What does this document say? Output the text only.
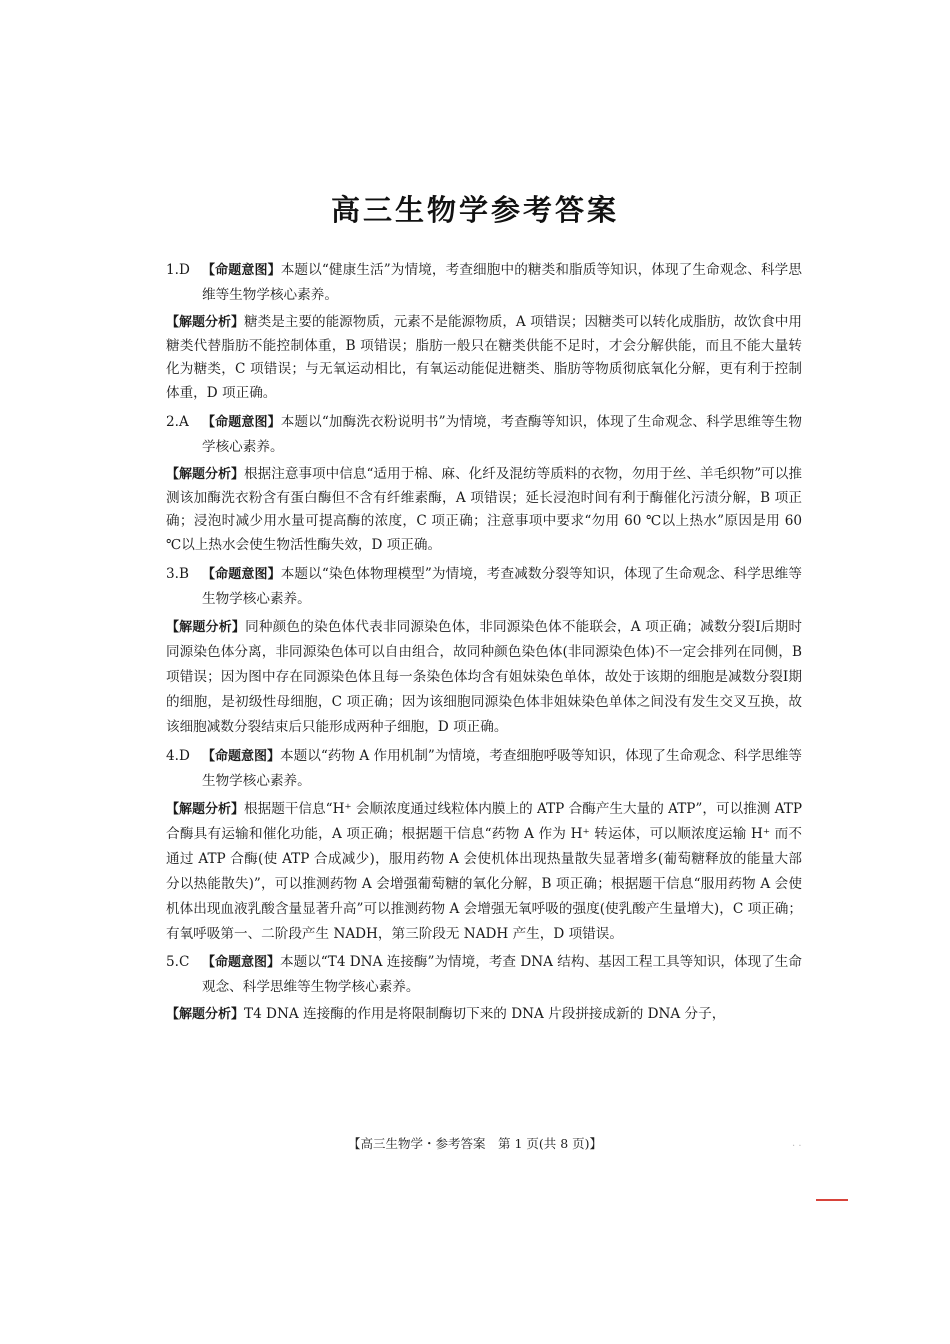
高三生物学参考答案
1.D 【命题意图】本题以“健康生活”为情境，考查细胞中的糖类和脂质等知识，体现了生命观念、科学思维等生物学核心素养。
【解题分析】糖类是主要的能源物质，元素不是能源物质，A 项错误；因糖类可以转化成脂肪，故饮食中用糖类代替脂肪不能控制体重，B 项错误；脂肪一般只在糖类供能不足时，才会分解供能，而且不能大量转化为糖类，C 项错误；与无氧运动相比，有氧运动能促进糖类、脂肪等物质彻底氧化分解，更有利于控制体重，D 项正确。
2.A	【命题意图】本题以“加酶洗衣粉说明书”为情境，考查酶等知识，体现了生命观念、科学思维等生物学核心素养。
【解题分析】根据注意事项中信息“适用于棉、麻、化纤及混纺等质料的衣物，勿用于丝、羊毛织物”可以推测该加酶洗衣粉含有蛋白酶但不含有纤维素酶，A 项错误；延长浸泡时间有利于酶催化污渍分解，B 项正确；浸泡时减少用水量可提高酶的浓度，C 项正确；注意事项中要求“勿用 60 ℃以上热水”原因是用 60 ℃以上热水会使生物活性酶失效，D 项正确。
3.B	【命题意图】本题以“染色体物理模型”为情境，考查减数分裂等知识，体现了生命观念、科学思维等生物学核心素养。
【解题分析】同种颜色的染色体代表非同源染色体，非同源染色体不能联会，A 项正确；减数分裂Ⅰ后期时同源染色体分离，非同源染色体可以自由组合，故同种颜色染色体(非同源染色体)不一定会排列在同侧，B 项错误；因为图中存在同源染色体且每一条染色体均含有姐妹染色单体，故处于该期的细胞是减数分裂Ⅰ期的细胞，是初级性母细胞，C 项正确；因为该细胞同源染色体非姐妹染色单体之间没有发生交叉互换，故该细胞减数分裂结束后只能形成两种子细胞，D 项正确。
4.D 【命题意图】本题以“药物 A 作用机制”为情境，考查细胞呼吸等知识，体现了生命观念、科学思维等生物学核心素养。
【解题分析】根据题干信息“H⁺ 会顺浓度通过线粒体内膜上的 ATP 合酶产生大量的 ATP”，可以推测 ATP 合酶具有运输和催化功能，A 项正确；根据题干信息“药物 A 作为 H⁺ 转运体，可以顺浓度运输 H⁺ 而不通过 ATP 合酶(使 ATP 合成减少)，服用药物 A 会使机体出现热量散失显著增多(葡萄糖释放的能量大部分以热能散失)”，可以推测药物 A 会增强葡萄糖的氧化分解，B 项正确；根据题干信息“服用药物 A 会使机体出现血液乳酸含量显著升高”可以推测药物 A 会增强无氧呼吸的强度(使乳酸产生量增大)，C 项正确；有氧呼吸第一、二阶段产生 NADH，第三阶段无 NADH 产生，D 项错误。
5.C 【命题意图】本题以“T4 DNA 连接酶”为情境，考查 DNA 结构、基因工程工具等知识，体现了生命观念、科学思维等生物学核心素养。
【解题分析】T4 DNA 连接酶的作用是将限制酶切下来的 DNA 片段拼接成新的 DNA 分子，
【高三生物学・参考答案　第 1 页(共 8 页)】	· ·
